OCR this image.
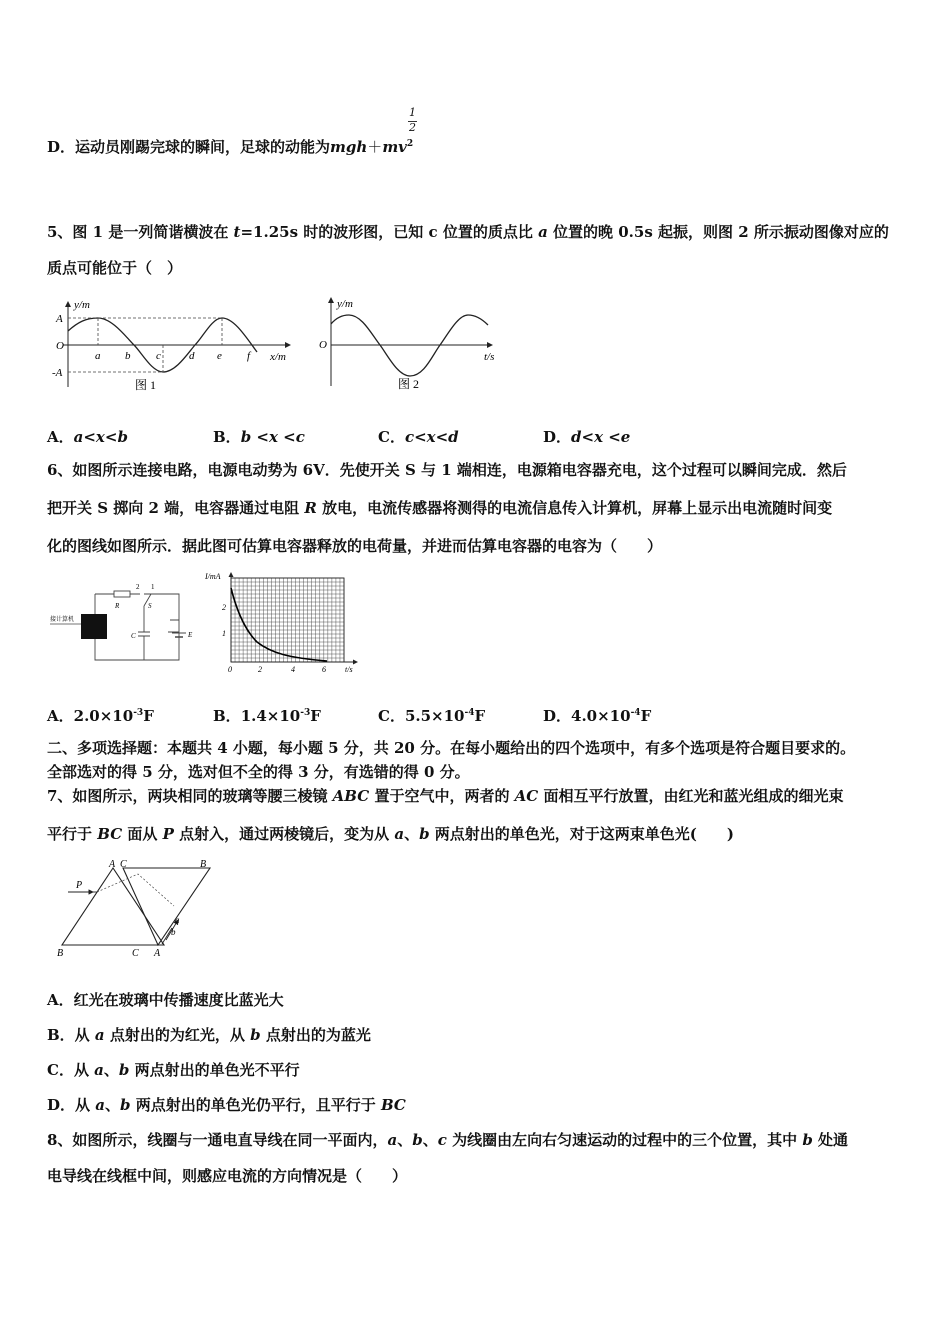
D．运动员刚踢完球的瞬间，足球的动能为$mgh+mv^2$
1
2
5、图 1 是一列简谐横波在 t=1.25s 时的波形图，已知 c 位置的质点比 a 位置的晚 0.5s 起振，则图 2 所示振动图像对应的
质点可能位于（　）
y/m
A
O
-A
x/m
a b c	d e f
图 1
y/m
O
t/s
图 2
A．a<x<b	B．b <x <c	C．c<x<d	D．d<x <e
6、如图所示连接电路，电源电动势为 6V．先使开关 S 与 1 端相连，电源箱电容器充电，这个过程可以瞬间完成．然后
把开关 S 掷向 2 端，电容器通过电阻 R 放电，电流传感器将测得的电流信息传入计算机，屏幕上显示出电流随时间变
化的图线如图所示．据此图可估算电容器释放的电荷量，并进而估算电容器的电容为（　　）
接计算机
R
2 1
S
C	E
I/mA
2
1
0	2	4	6 t/s
A．$2.0\times 10^{-3}F$	B．$1.4\times 10^{-3}F$	C．$5.5\times 10^{-4}F$	D．$4.0\times 10^{-4}F$
二、多项选择题：本题共 4 小题，每小题 5 分，共 20 分。在每小题给出的四个选项中，有多个选项是符合题目要求的。
全部选对的得 5 分，选对但不全的得 3 分，有选错的得 0 分。
7、如图所示，两块相同的玻璃等腰三棱镜 ABC 置于空气中，两者的 AC 面相互平行放置，由红光和蓝光组成的细光束
平行于 BC 面从 P 点射入，通过两棱镜后，变为从 a、b 两点射出的单色光，对于这两束单色光(　　)
A
B	C
P
C	B
A
a
b
A．红光在玻璃中传播速度比蓝光大
B．从 a 点射出的为红光，从 b 点射出的为蓝光
C．从 a、b 两点射出的单色光不平行
D．从 a、b 两点射出的单色光仍平行，且平行于 BC
8、如图所示，线圈与一通电直导线在同一平面内，a、b、c 为线圈由左向右匀速运动的过程中的三个位置，其中 b 处通
电导线在线框中间，则感应电流的方向情况是（　　）
